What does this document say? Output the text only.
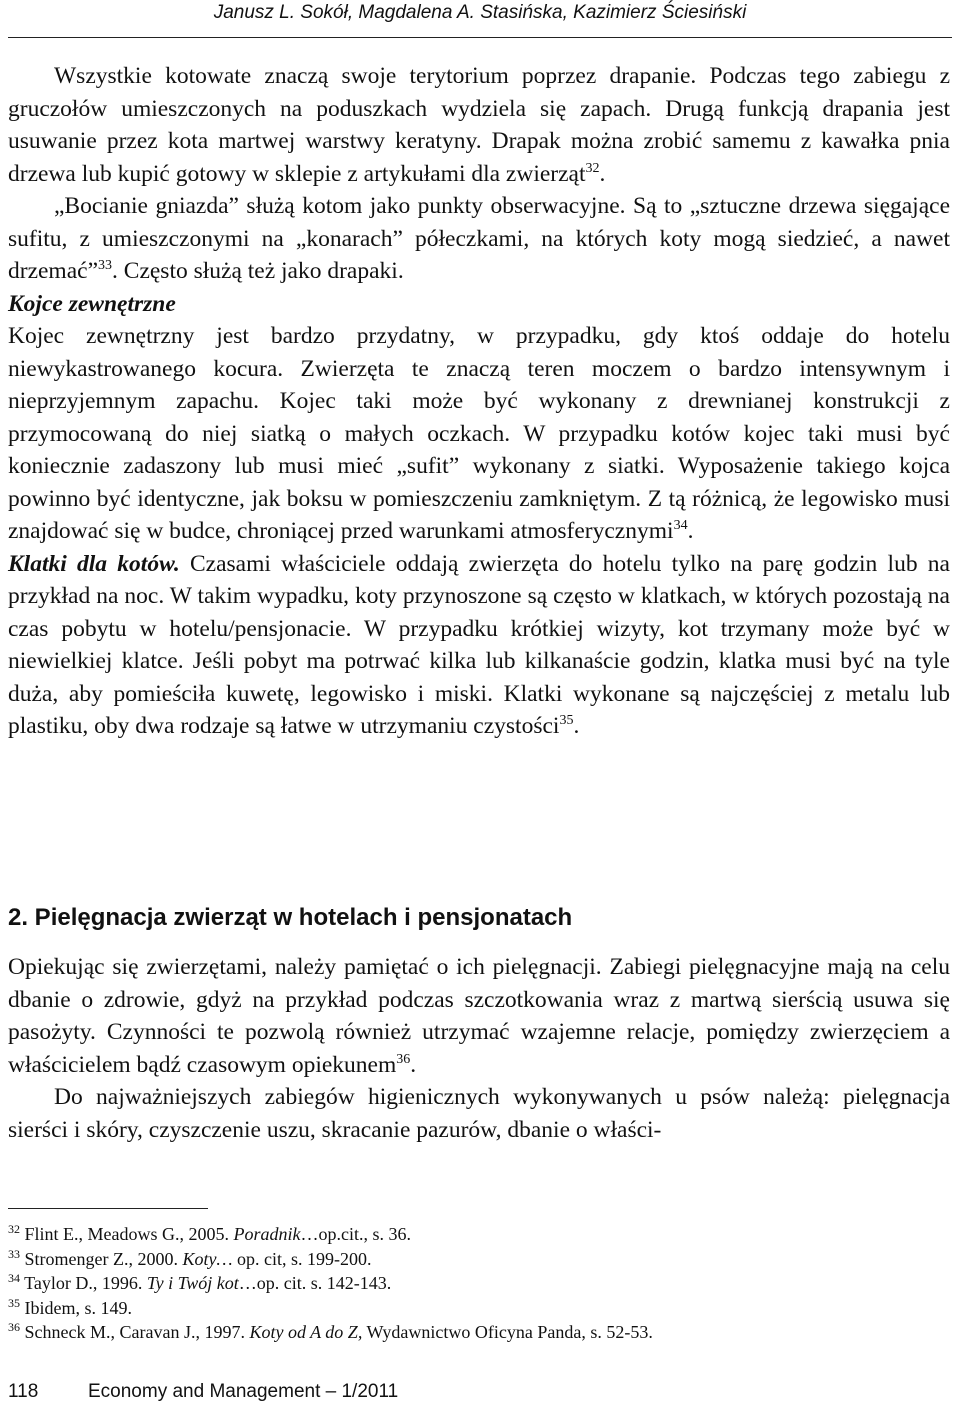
Janusz L. Sokół, Magdalena A. Stasińska, Kazimierz Ściesiński

Wszystkie kotowate znaczą swoje terytorium poprzez drapanie. Podczas tego zabiegu z gruczołów umieszczonych na poduszkach wydziela się zapach. Drugą funkcją drapania jest usuwanie przez kota martwej warstwy keratyny. Drapak można zrobić samemu z kawałka pnia drzewa lub kupić gotowy w sklepie z artykułami dla zwierząt$^{32}$.

„Bocianie gniazda” służą kotom jako punkty obserwacyjne. Są to „sztuczne drzewa sięgające sufitu, z umieszczonymi na „konarach” półeczkami, na których koty mogą siedzieć, a nawet drzemać”$^{33}$. Często służą też jako drapaki.

Kojce zewnętrzne

Kojec zewnętrzny jest bardzo przydatny, w przypadku, gdy ktoś oddaje do hotelu niewykastrowanego kocura. Zwierzęta te znaczą teren moczem o bardzo intensywnym i nieprzyjemnym zapachu. Kojec taki może być wykonany z drewnianej konstrukcji z przymocowaną do niej siatką o małych oczkach. W przypadku kotów kojec taki musi być koniecznie zadaszony lub musi mieć „sufit” wykonany z siatki. Wyposażenie takiego kojca powinno być identyczne, jak boksu w pomieszczeniu zamkniętym. Z tą różnicą, że legowisko musi znajdować się w budce, chroniącej przed warunkami atmosferycznymi$^{34}$.

Klatki dla kotów. Czasami właściciele oddają zwierzęta do hotelu tylko na parę godzin lub na przykład na noc. W takim wypadku, koty przynoszone są często w klatkach, w których pozostają na czas pobytu w hotelu/pensjonacie. W przypadku krótkiej wizyty, kot trzymany może być w niewielkiej klatce. Jeśli pobyt ma potrwać kilka lub kilkanaście godzin, klatka musi być na tyle duża, aby pomieściła kuwetę, legowisko i miski. Klatki wykonane są najczęściej z metalu lub plastiku, oby dwa rodzaje są łatwe w utrzymaniu czystości$^{35}$.

2. Pielęgnacja zwierząt w hotelach i pensjonatach

Opiekując się zwierzętami, należy pamiętać o ich pielęgnacji. Zabiegi pielęgnacyjne mają na celu dbanie o zdrowie, gdyż na przykład podczas szczotkowania wraz z martwą sierścią usuwa się pasożyty. Czynności te pozwolą również utrzymać wzajemne relacje, pomiędzy zwierzęciem a właścicielem bądź czasowym opiekunem$^{36}$.

Do najważniejszych zabiegów higienicznych wykonywanych u psów należą: pielęgnacja sierści i skóry, czyszczenie uszu, skracanie pazurów, dbanie o właści-

$^{32}$ Flint E., Meadows G., 2005. Poradnik…op.cit., s. 36.

$^{33}$ Stromenger Z., 2000. Koty… op. cit, s. 199-200.

$^{34}$ Taylor D., 1996. Ty i Twój kot…op. cit. s. 142-143.

$^{35}$ Ibidem, s. 149.

$^{36}$ Schneck M., Caravan J., 1997. Koty od A do Z, Wydawnictwo Oficyna Panda, s. 52-53.

118	Economy and Management – 1/2011
